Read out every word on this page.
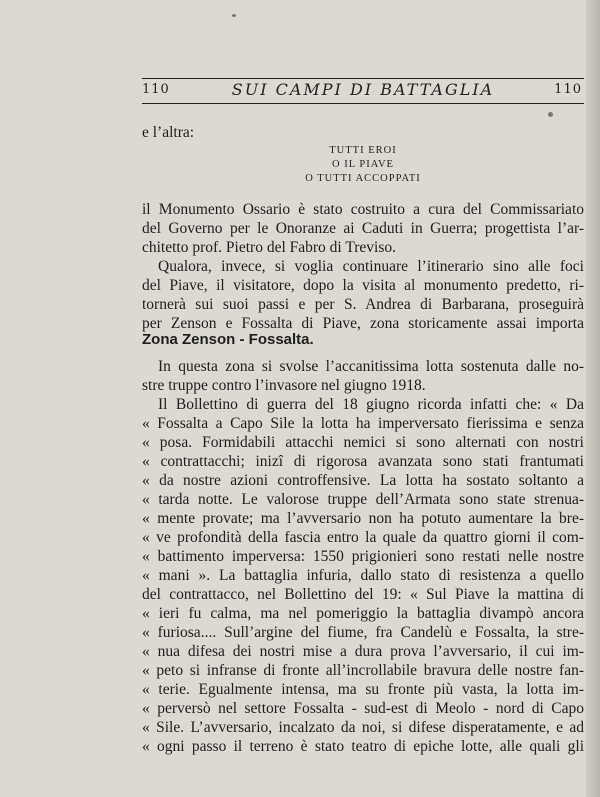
110	SUI CAMPI DI BATTAGLIA	110
e l’altra:
TUTTI EROI
O IL PIAVE
O TUTTI ACCOPPATI
il Monumento Ossario è stato costruito a cura del Commissariato
del Governo per le Onoranze ai Caduti in Guerra; progettista l’ar-
chitetto prof. Pietro del Fabro di Treviso.
Qualora, invece, si voglia continuare l’itinerario sino alle foci
del Piave, il visitatore, dopo la visita al monumento predetto, ri-
tornerà sui suoi passi e per S. Andrea di Barbarana, proseguirà
per Zenson e Fossalta di Piave, zona storicamente assai importa
Zona Zenson - Fossalta.
In questa zona si svolse l’accanitissima lotta sostenuta dalle no-
stre truppe contro l’invasore nel giugno 1918.
Il Bollettino di guerra del 18 giugno ricorda infatti che: « Da
« Fossalta a Capo Sile la lotta ha imperversato fierissima e senza
« posa. Formidabili attacchi nemici si sono alternati con nostri
« contrattacchi; inizî di rigorosa avanzata sono stati frantumati
« da nostre azioni controffensive. La lotta ha sostato soltanto a
« tarda notte. Le valorose truppe dell’Armata sono state strenua-
« mente provate; ma l’avversario non ha potuto aumentare la bre-
« ve profondità della fascia entro la quale da quattro giorni il com-
« battimento imperversa: 1550 prigionieri sono restati nelle nostre
« mani ». La battaglia infuria, dallo stato di resistenza a quello
del contrattacco, nel Bollettino del 19: « Sul Piave la mattina di
« ieri fu calma, ma nel pomeriggio la battaglia divampò ancora
« furiosa.... Sull’argine del fiume, fra Candelù e Fossalta, la stre-
« nua difesa dei nostri mise a dura prova l’avversario, il cui im-
« peto si infranse di fronte all’incrollabile bravura delle nostre fan-
« terie. Egualmente intensa, ma su fronte più vasta, la lotta im-
« perversò nel settore Fossalta - sud-est di Meolo - nord di Capo
« Sile. L’avversario, incalzato da noi, si difese disperatamente, e ad
« ogni passo il terreno è stato teatro di epiche lotte, alle quali gli
